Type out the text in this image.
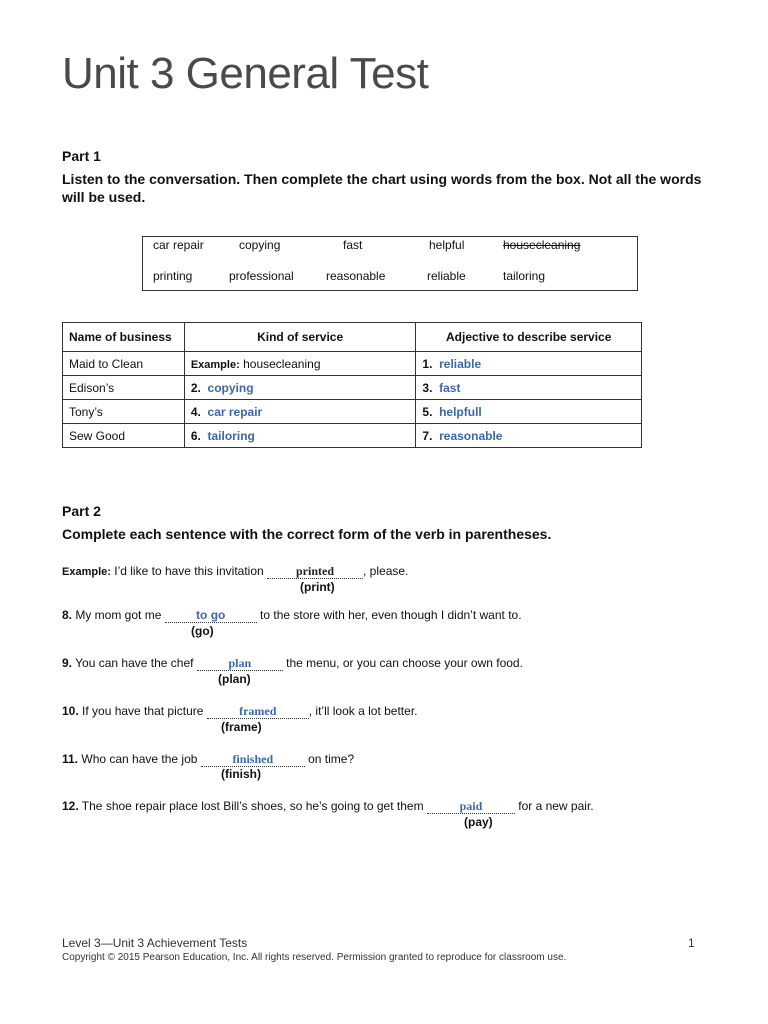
Unit 3 General Test
Part 1
Listen to the conversation. Then complete the chart using words from the box. Not all the words will be used.
car repair	copying	fast	helpful	housecleaning
printing	professional	reasonable	reliable	tailoring
Name of business	Kind of service	Adjective to describe service
Maid to Clean	Example: housecleaning	1. reliable
Edison’s	2. copying	3. fast
Tony’s	4. car repair	5. helpfull
Sew Good	6. tailoring	7. reasonable
Part 2
Complete each sentence with the correct form of the verb in parentheses.
Example: I’d like to have this invitation printed , please.
(print)
8. My mom got me	to go	to the store with her, even though I didn’t want to.
(go)
9. You can have the chef	plan	the menu, or you can choose your own food.
(plan)
10. If you have that picture	framed	, it’ll look a lot better.
(frame)
11. Who can have the job	finished	on time?
(finish)
12. The shoe repair place lost Bill’s shoes, so he’s going to get them	paid	for a new pair.
(pay)
Level 3—Unit 3 Achievement Tests	1
Copyright © 2015 Pearson Education, Inc. All rights reserved. Permission granted to reproduce for classroom use.
